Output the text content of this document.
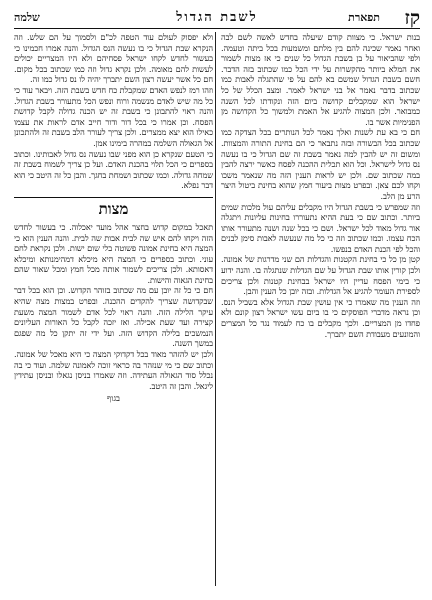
קז
תפארת
לשבת הגדול
שלמה

בנות ישראל. כי מצוות קודם שיעלה בחדש לאשה לשם לבה ואחר נאמר שכינה להם בין מלתם ומשמעות בכל ביתה וטעמה. ולפי שהביאור על בן בשבת הגדול כל שנים כי אז מצות לשמור את המלא ביותר מהקשרות על ידי הכל כמו שכתוב בזה הדבר. חשם בשבת הגדול שמשם בא להם על פי שהתגלה לאבות כמו שכתוב בדבר נאמר אל בני ישראל לאמר. ומצב הכלל של כל ישראל הוא שמקבלים קדושה ביום הזה ונקודתו לכל השנה כמבואר. ולכן המצוה להגיע אל האמת ולמשוך כל הקדושה מן הפנימיות אשר בו.

חם כי בא עת לשנות ואלך נאמר לכל הנותרים בכל הצדקה כמו שכתוב בכל הבשורה ובזה נתבאר כי הם בחינת התורה והמצוות. ומשום זה יש להבין למה נאמר בשבת זה שם הגדול כי בו נעשה נס גדול לישראל. וכל הוא תכלית ההכנה לפסח כאשר ירצה להבין במה שכתוב שם. ולכן יש לראות הענין הזה מה שנאמר משכו וקחו לכם צאן. ובפרט מצות ביעור חמץ שהוא בחינת ביטול היצר הרע מן הלב.

וזה שמפרש כי בשבת הגדול היו מקבלים עליהם עול מלכות שמים ביותר. וכתוב שם כי בעת ההיא נתעוררו בחינות עליונות ויתגלה אור גדול מאוד לכל ישראל. ושם כי בכל שנה ושנה מתעורר אותו הכח עצמו. וכמו שכתוב וזה כי כל מה שנעשה לאבות סימן לבנים והכל לפי הכנת האדם בנפשו.

קטן מן כל כי בחינת הקטנות והגדלות הם שני מדרגות של אמונה. ולכן קורין אותו שבת הגדול על שם הגדלות שנתגלה בו. והנה ידוע כי בימי הפסח עדיין היו ישראל בבחינת קטנות ולכן צריכים לספירת העומר להגיע אל הגדלות. ובזה יובן כל הענין והבן.

וזה הענין מה שאמרו כי אין עושין שבת הגדול אלא בשביל הנס. וכן נראה מדברי הפוסקים כי בו ביום עשו ישראל רצון קונם ולא פחדו מן המצריים. ולכך מקבלים בו כח לעמוד נגד כל המצרים והמונעים מעבודת השם יתברך.

ולא יפסוק לעולם עוד הטפה לכ"ם ולסמוך על הם שלש. וזה הנקרא שבת הגדול כי בו נעשה הנס הגדול. והנה אמרו חכמינו כי בעשור לחדש לקחו ישראל פסחיהם ולא היו המצריים יכולים לעשות להם מאומה. ולכן נקרא גדול וזה כמו שכתוב בכל מקום. חם כל אשר יעשה רצון השם יתברך יהיה לו נס גדול כמו זה.

וזהו רמז לנפש האדם שמקבלת כח חדש בשבת הזה. ויבאר עוד כי כל מה שיש לאדם מנשמה ורוח ונפש הכל מתעורר בשבת הגדול. והנה ראוי להתבונן כי בשבת זה יש הכנה גדולה לקבל קדושת הפסח. וכן אמרו כי בכל דור ודור חייב אדם לראות את עצמו כאילו הוא יצא ממצרים. ולכן צריך לעורר הלב בשבת זה ולהתכונן אל הגאולה השלמה במהרה בימינו אמן.

כי הטעם שנקרא כן הוא מפני שבו נעשה נס גדול לאבותינו. וכתוב בספרים כי הכל תלוי בהכנת האדם. ועל כן צריך לשמוח בשבת זה שמחה גדולה. וכמו שכתוב ושמחת בחגך. והבן כל זה היטב כי הוא דבר נפלא.

מצות

תאכל במקום קדוש בחצר אהל מועד יאכלוה. כי בעשור לחדש הזה ויקחו להם איש שה לבית אבות שה לבית. והנה הענין הוא כי המצה היא בחינת אמונה פשוטה בלי שום ישות. ולכן נקראת לחם עוני. וכתוב בספרים כי המצה היא מיכלא דמהימנותא ומיכלא דאסותא. ולכן צריכים לשמור אותה מכל חמץ ומכל שאור שהם בחינת הגאוה והישות.

חם כי כל זה יובן עם מה שכתוב בזוהר הקדוש. וכן הוא בכל דבר שבקדושה שצריך להקדים ההכנה. ובפרט במצות מצה שהיא עיקר הלילה הזה. והנה ראוי לכל אדם לשמור המצה משעת קצירה ועד שעת אכילה. ואז יזכה לקבל כל האורות העליונים הנמשכים בלילה הקדוש הזה. ועל ידי זה יתקן כל מה שפגם במשך השנה.

ולכן יש להזהר מאוד בכל דקדוקי המצה כי היא מאכל של אמונה. וכתוב שם כי מי שנזהר בה כראוי זוכה לאמונה שלמה. ועוד כי בה נכלל סוד הגאולה העתידה. וזה שאמרו בניסן נגאלו ובניסן עתידין ליגאל. והבן זה היטב.

בגוף
